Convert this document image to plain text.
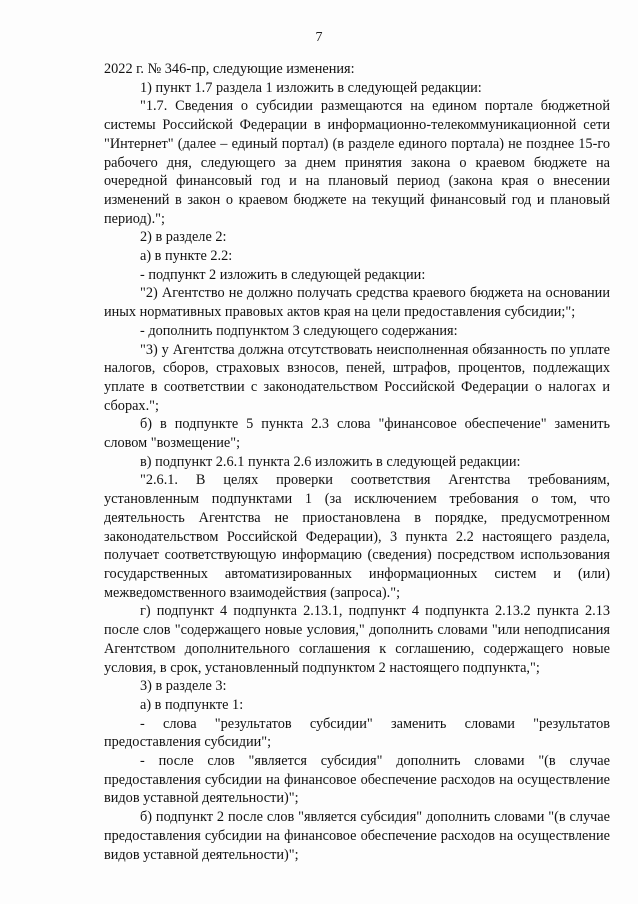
7

2022 г. № 346-пр, следующие изменения:

1) пункт 1.7 раздела 1 изложить в следующей редакции:

"1.7. Сведения о субсидии размещаются на едином портале бюджетной системы Российской Федерации в информационно-телекоммуникационной сети "Интернет" (далее – единый портал) (в разделе единого портала) не позднее 15-го рабочего дня, следующего за днем принятия закона о краевом бюджете на очередной финансовый год и на плановый период (закона края о внесении изменений в закон о краевом бюджете на текущий финансовый год и плановый период).";

2) в разделе 2:

а) в пункте 2.2:

- подпункт 2 изложить в следующей редакции:

"2) Агентство не должно получать средства краевого бюджета на основании иных нормативных правовых актов края на цели предоставления субсидии;";

- дополнить подпунктом 3 следующего содержания:

"3) у Агентства должна отсутствовать неисполненная обязанность по уплате налогов, сборов, страховых взносов, пеней, штрафов, процентов, подлежащих уплате в соответствии с законодательством Российской Федерации о налогах и сборах.";

б) в подпункте 5 пункта 2.3 слова "финансовое обеспечение" заменить словом "возмещение";

в) подпункт 2.6.1 пункта 2.6 изложить в следующей редакции:

"2.6.1. В целях проверки соответствия Агентства требованиям, установленным подпунктами 1 (за исключением требования о том, что деятельность Агентства не приостановлена в порядке, предусмотренном законодательством Российской Федерации), 3 пункта 2.2 настоящего раздела, получает соответствующую информацию (сведения) посредством использования государственных автоматизированных информационных систем и (или) межведомственного взаимодействия (запроса).";

г) подпункт 4 подпункта 2.13.1, подпункт 4 подпункта 2.13.2 пункта 2.13 после слов "содержащего новые условия," дополнить словами "или неподписания Агентством дополнительного соглашения к соглашению, содержащего новые условия, в срок, установленный подпунктом 2 настоящего подпункта,";

3) в разделе 3:

а) в подпункте 1:

- слова "результатов субсидии" заменить словами "результатов предоставления субсидии";

- после слов "является субсидия" дополнить словами "(в случае предоставления субсидии на финансовое обеспечение расходов на осуществление видов уставной деятельности)";

б) подпункт 2 после слов "является субсидия" дополнить словами "(в случае предоставления субсидии на финансовое обеспечение расходов на осуществление видов уставной деятельности)";
